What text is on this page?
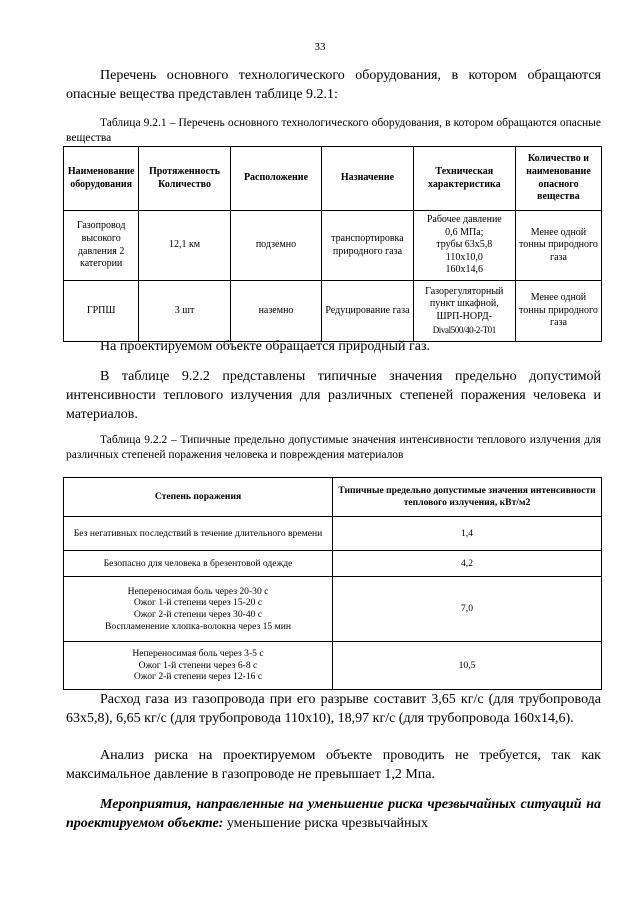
33

Перечень основного технологического оборудования, в котором обращаются опасные вещества представлен таблице 9.2.1:

Таблица 9.2.1 – Перечень основного технологического оборудования, в котором обращаются опасные вещества

Наименование оборудования	Протяженность Количество	Расположение	Назначение	Техническая характеристика	Количество и наименование опасного вещества
Газопровод высокого давления 2 категории	12,1 км	подземно	транспортировка природного газа	Рабочее давление
0,6 МПа;
трубы 63х5,8
110х10,0
160х14,6	Менее одной тонны природного газа
ГРПШ	3 шт	наземно	Редуцирование газа	Газорегуляторный
пункт шкафной,
ШРП-НОРД-
Dival500/40-2-Т01	Менее одной тонны природного газа

На проектируемом объекте обращается природный газ.

В таблице 9.2.2 представлены типичные значения предельно допустимой интенсивности теплового излучения для различных степеней поражения человека и материалов.

Таблица 9.2.2 – Типичные предельно допустимые значения интенсивности теплового излучения для различных степеней поражения человека и повреждения материалов

Степень поражения	Типичные предельно допустимые значения интенсивности теплового излучения, кВт/м2
Без негативных последствий в течение длительного времени	1,4
Безопасно для человека в брезентовой одежде	4,2

Непереносимая боль через 20-30 с
Ожог 1-й степени через 15-20 с
Ожог 2-й степени через 30-40 с
Воспламенение хлопка-волокна через 15 мин	7,0

Непереносимая боль через 3-5 с
Ожог 1-й степени через 6-8 с
Ожог 2-й степени через 12-16 с	10,5

Расход газа из газопровода при его разрыве составит 3,65 кг/с (для трубопровода 63х5,8), 6,65 кг/с (для трубопровода 110х10), 18,97 кг/с (для трубопровода 160х14,6).

Анализ риска на проектируемом объекте проводить не требуется, так как максимальное давление в газопроводе не превышает 1,2 Мпа.

Мероприятия, направленные на уменьшение риска чрезвычайных ситуаций на проектируемом объекте: уменьшение риска чрезвычайных
